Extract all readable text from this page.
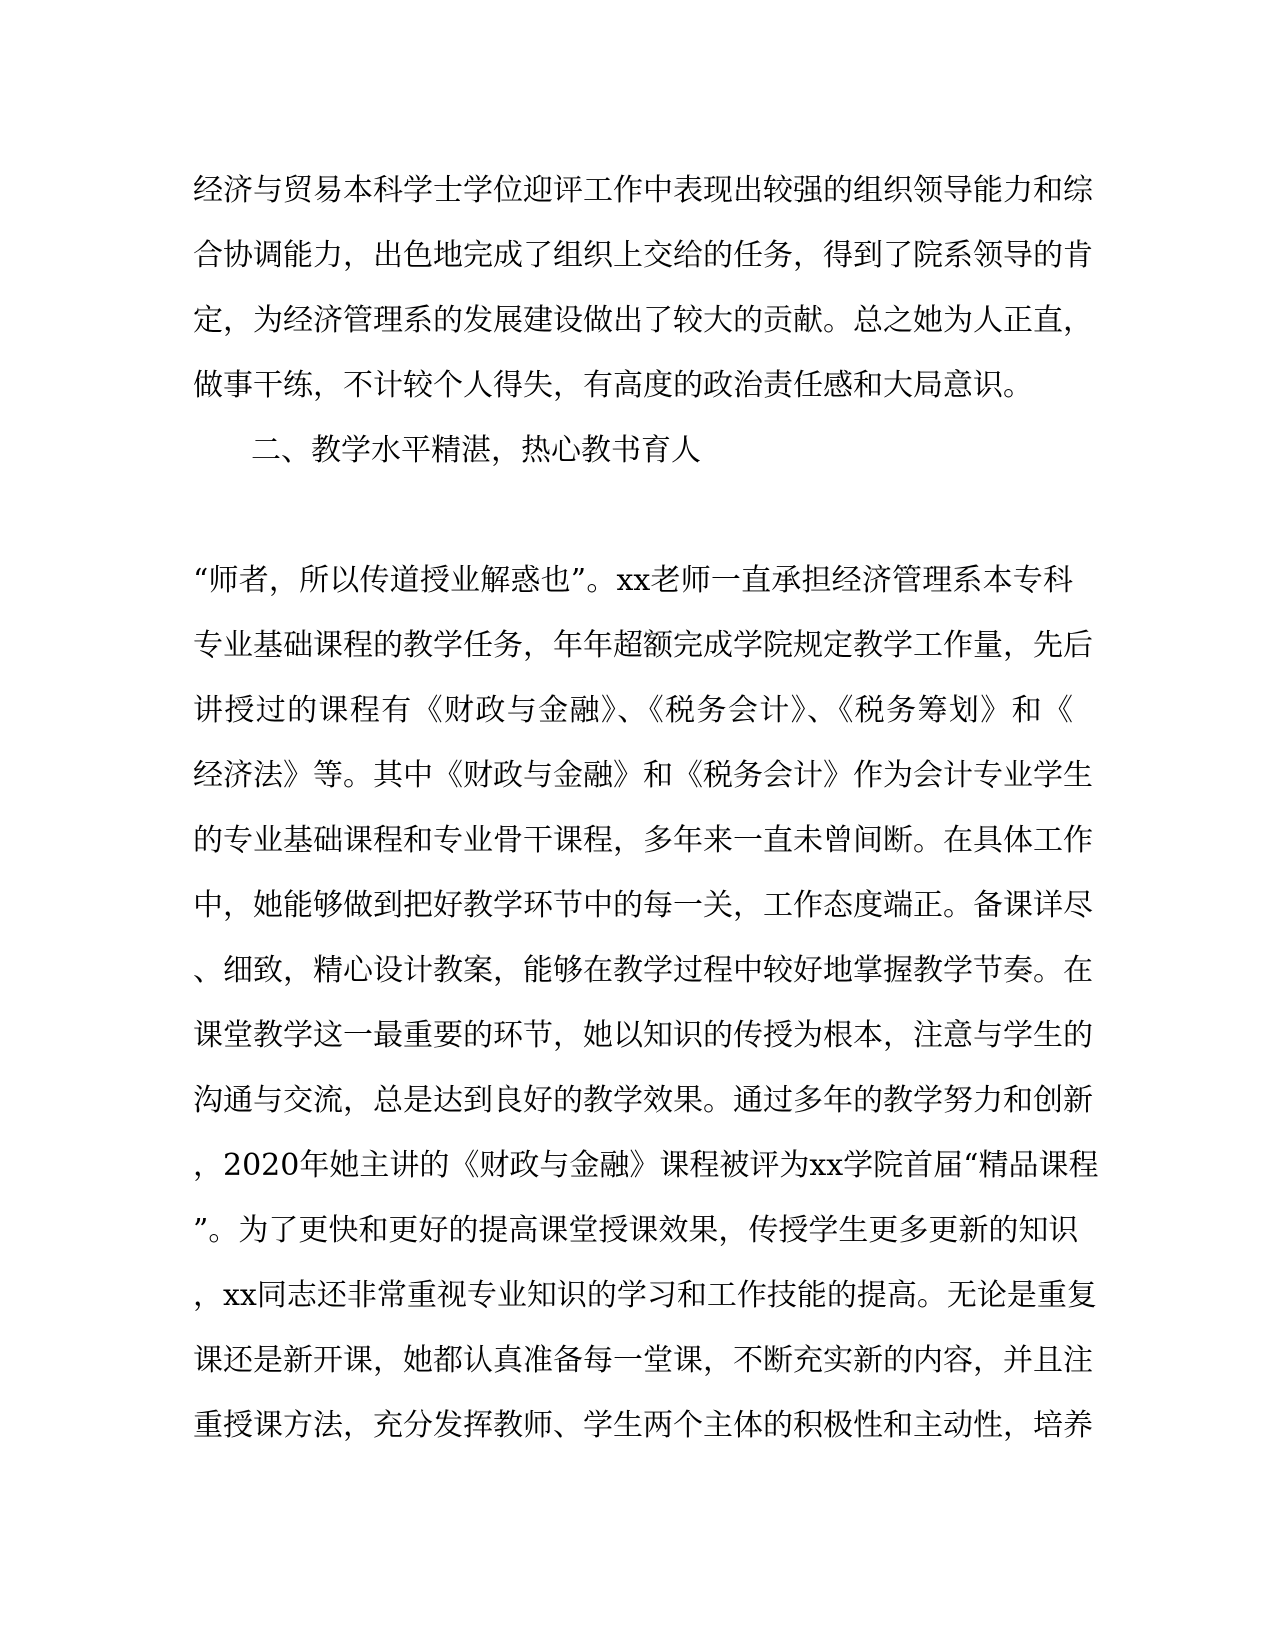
经济与贸易本科学士学位迎评工作中表现出较强的组织领导能力和综
合协调能力，出色地完成了组织上交给的任务，得到了院系领导的肯
定，为经济管理系的发展建设做出了较大的贡献。总之她为人正直，
做事干练，不计较个人得失，有高度的政治责任感和大局意识。
二、教学水平精湛，热心教书育人
“师者，所以传道授业解惑也”。xx老师一直承担经济管理系本专科
专业基础课程的教学任务，年年超额完成学院规定教学工作量，先后
讲授过的课程有《财政与金融》、《税务会计》、《税务筹划》和《
经济法》等。其中《财政与金融》和《税务会计》作为会计专业学生
的专业基础课程和专业骨干课程，多年来一直未曾间断。在具体工作
中，她能够做到把好教学环节中的每一关，工作态度端正。备课详尽
、细致，精心设计教案，能够在教学过程中较好地掌握教学节奏。在
课堂教学这一最重要的环节，她以知识的传授为根本，注意与学生的
沟通与交流，总是达到良好的教学效果。通过多年的教学努力和创新
，2020年她主讲的《财政与金融》课程被评为xx学院首届“精品课程
”。为了更快和更好的提高课堂授课效果，传授学生更多更新的知识
，xx同志还非常重视专业知识的学习和工作技能的提高。无论是重复
课还是新开课，她都认真准备每一堂课，不断充实新的内容，并且注
重授课方法，充分发挥教师、学生两个主体的积极性和主动性，培养
